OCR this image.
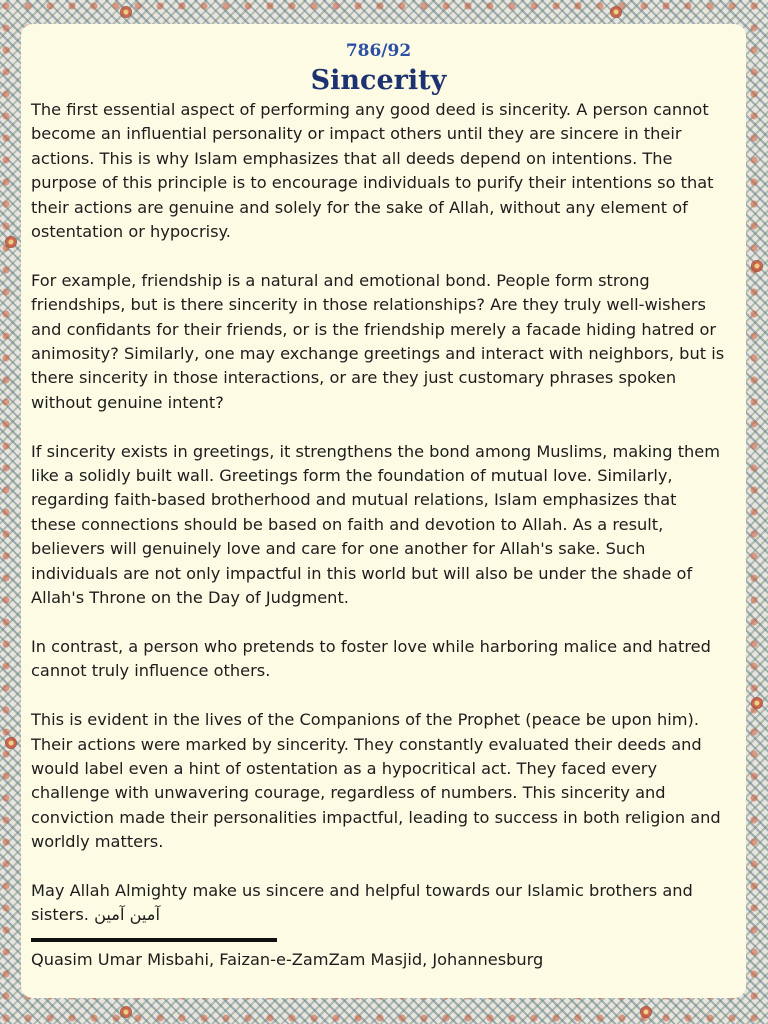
786/92
Sincerity

The first essential aspect of performing any good deed is sincerity. A person cannot become an influential personality or impact others until they are sincere in their actions. This is why Islam emphasizes that all deeds depend on intentions. The purpose of this principle is to encourage individuals to purify their intentions so that their actions are genuine and solely for the sake of Allah, without any element of ostentation or hypocrisy.

For example, friendship is a natural and emotional bond. People form strong friendships, but is there sincerity in those relationships? Are they truly well-wishers and confidants for their friends, or is the friendship merely a facade hiding hatred or animosity? Similarly, one may exchange greetings and interact with neighbors, but is there sincerity in those interactions, or are they just customary phrases spoken without genuine intent?

If sincerity exists in greetings, it strengthens the bond among Muslims, making them like a solidly built wall. Greetings form the foundation of mutual love. Similarly, regarding faith-based brotherhood and mutual relations, Islam emphasizes that these connections should be based on faith and devotion to Allah. As a result, believers will genuinely love and care for one another for Allah's sake. Such individuals are not only impactful in this world but will also be under the shade of Allah's Throne on the Day of Judgment.

In contrast, a person who pretends to foster love while harboring malice and hatred cannot truly influence others.

This is evident in the lives of the Companions of the Prophet (peace be upon him). Their actions were marked by sincerity. They constantly evaluated their deeds and would label even a hint of ostentation as a hypocritical act. They faced every challenge with unwavering courage, regardless of numbers. This sincerity and conviction made their personalities impactful, leading to success in both religion and worldly matters.

May Allah Almighty make us sincere and helpful towards our Islamic brothers and sisters. آمین آمین

Quasim Umar Misbahi, Faizan-e-ZamZam Masjid, Johannesburg
